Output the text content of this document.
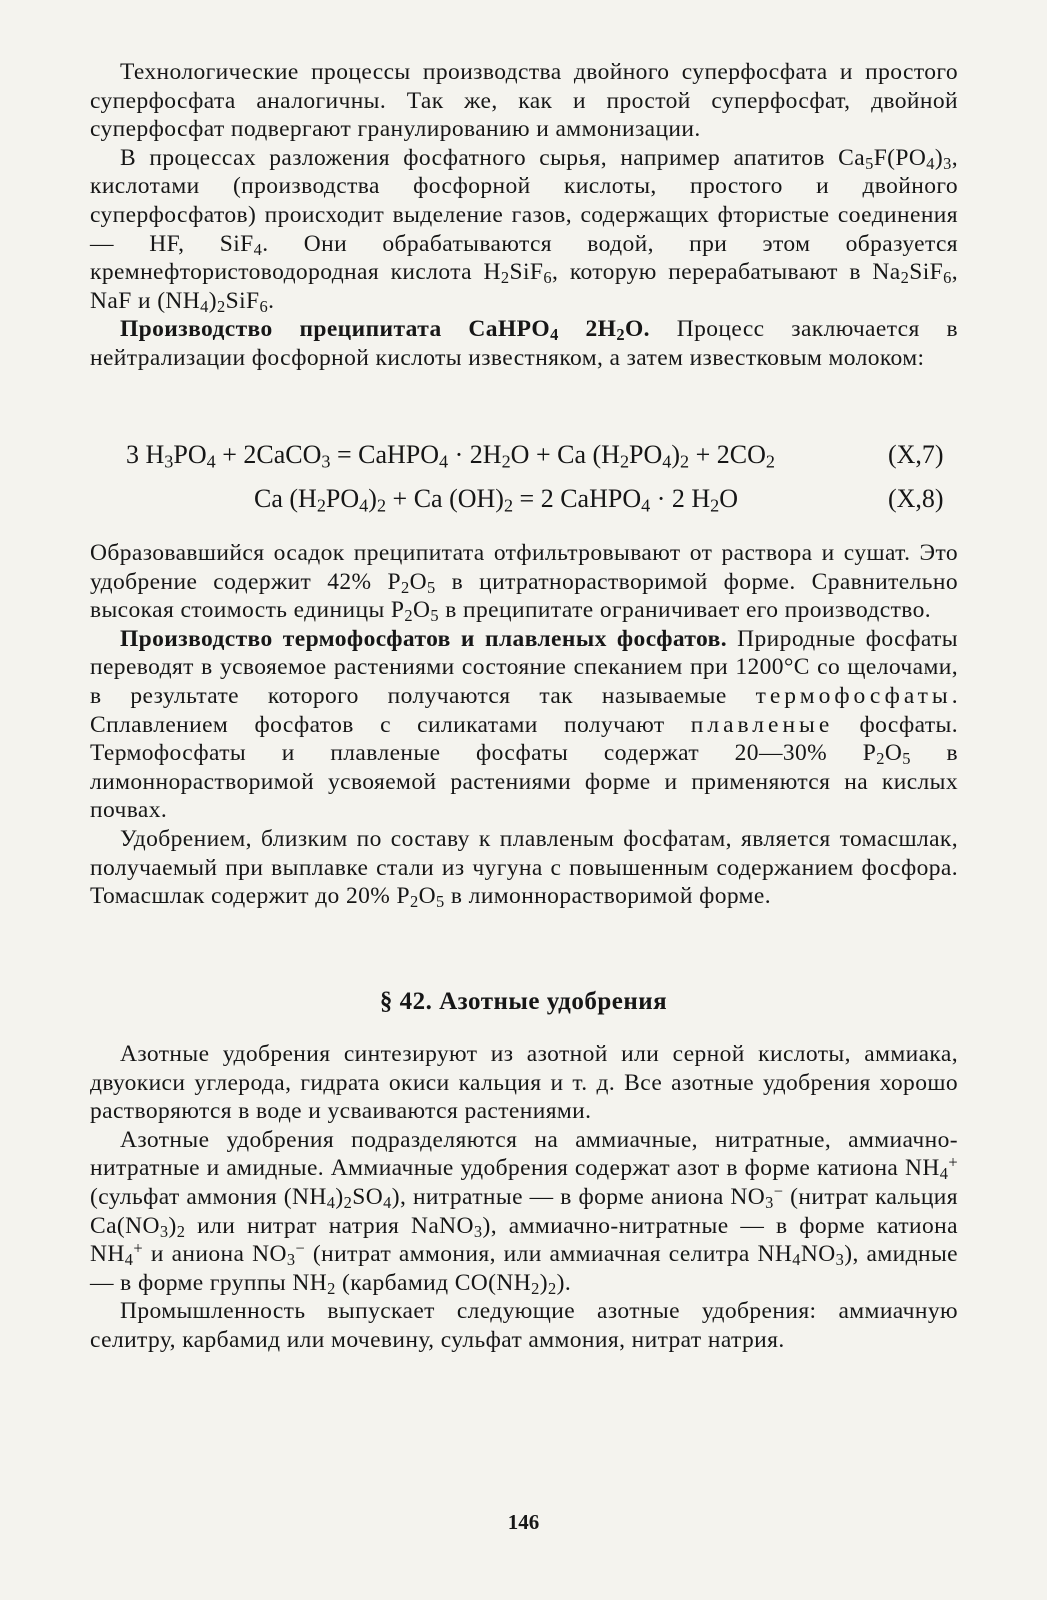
Технологические процессы производства двойного суперфосфата и простого суперфосфата аналогичны. Так же, как и простой суперфосфат, двойной суперфосфат подвергают гранулированию и аммонизации.

В процессах разложения фосфатного сырья, например апатитов $Ca_5F(PO_4)_3$, кислотами (производства фосфорной кислоты, простого и двойного суперфосфатов) происходит выделение газов, содержащих фтористые соединения — HF, SiF$_4$. Они обрабатываются водой, при этом образуется кремнефтористоводородная кислота $H_2SiF_6$, которую перерабатывают в $Na_2SiF_6$, NaF и $(NH_4)_2SiF_6$.

Производство преципитата CaHPO$_4$ $2H_2O$. Процесс заключается в нейтрализации фосфорной кислоты известняком, а затем известковым молоком:

3 $H_3PO_4$ + 2CaCO$_3$ = CaHPO$_4$ · $2H_2O + Ca$ $(H_2PO_4)_2 + 2CO_2$	(X,7)
Ca $(H_2PO_4)_2 + Ca$ $(OH)_2 = 2$ CaHPO$_4$ · 2 $H_2O$	(X,8)

Образовавшийся осадок преципитата отфильтровывают от раствора и сушат. Это удобрение содержит 42% $P_2O_5$ в цитратнорастворимой форме. Сравнительно высокая стоимость единицы $P_2O_5$ в преципитате ограничивает его производство.

Производство термофосфатов и плавленых фосфатов. Природные фосфаты переводят в усвояемое растениями состояние спеканием при 1200°С со щелочами, в результате которого получаются так называемые термофосфаты. Сплавлением фосфатов с силикатами получают плавленые фосфаты. Термофосфаты и плавленые фосфаты содержат 20—30% $P_2O_5$ в лимоннорастворимой усвояемой растениями форме и применяются на кислых почвах.

Удобрением, близким по составу к плавленым фосфатам, является томасшлак, получаемый при выплавке стали из чугуна с повышенным содержанием фосфора. Томасшлак содержит до 20% $P_2O_5$ в лимоннорастворимой форме.

§ 42. Азотные удобрения

Азотные удобрения синтезируют из азотной или серной кислоты, аммиака, двуокиси углерода, гидрата окиси кальция и т. д. Все азотные удобрения хорошо растворяются в воде и усваиваются растениями.

Азотные удобрения подразделяются на аммиачные, нитратные, аммиачно-нитратные и амидные. Аммиачные удобрения содержат азот в форме катиона $NH_4^+$ (сульфат аммония $(NH_4)_2SO_4$), нитратные — в форме аниона $NO_3^-$ (нитрат кальция $Ca(NO_3)_2$ или нитрат натрия NaNO$_3$), аммиачно-нитратные — в форме катиона $NH_4^+$ и аниона $NO_3^-$ (нитрат аммония, или аммиачная селитра $NH_4NO_3$), амидные — в форме группы $NH_2$ (карбамид $CO(NH_2)_2$).

Промышленность выпускает следующие азотные удобрения: аммиачную селитру, карбамид или мочевину, сульфат аммония, нитрат натрия.

146
